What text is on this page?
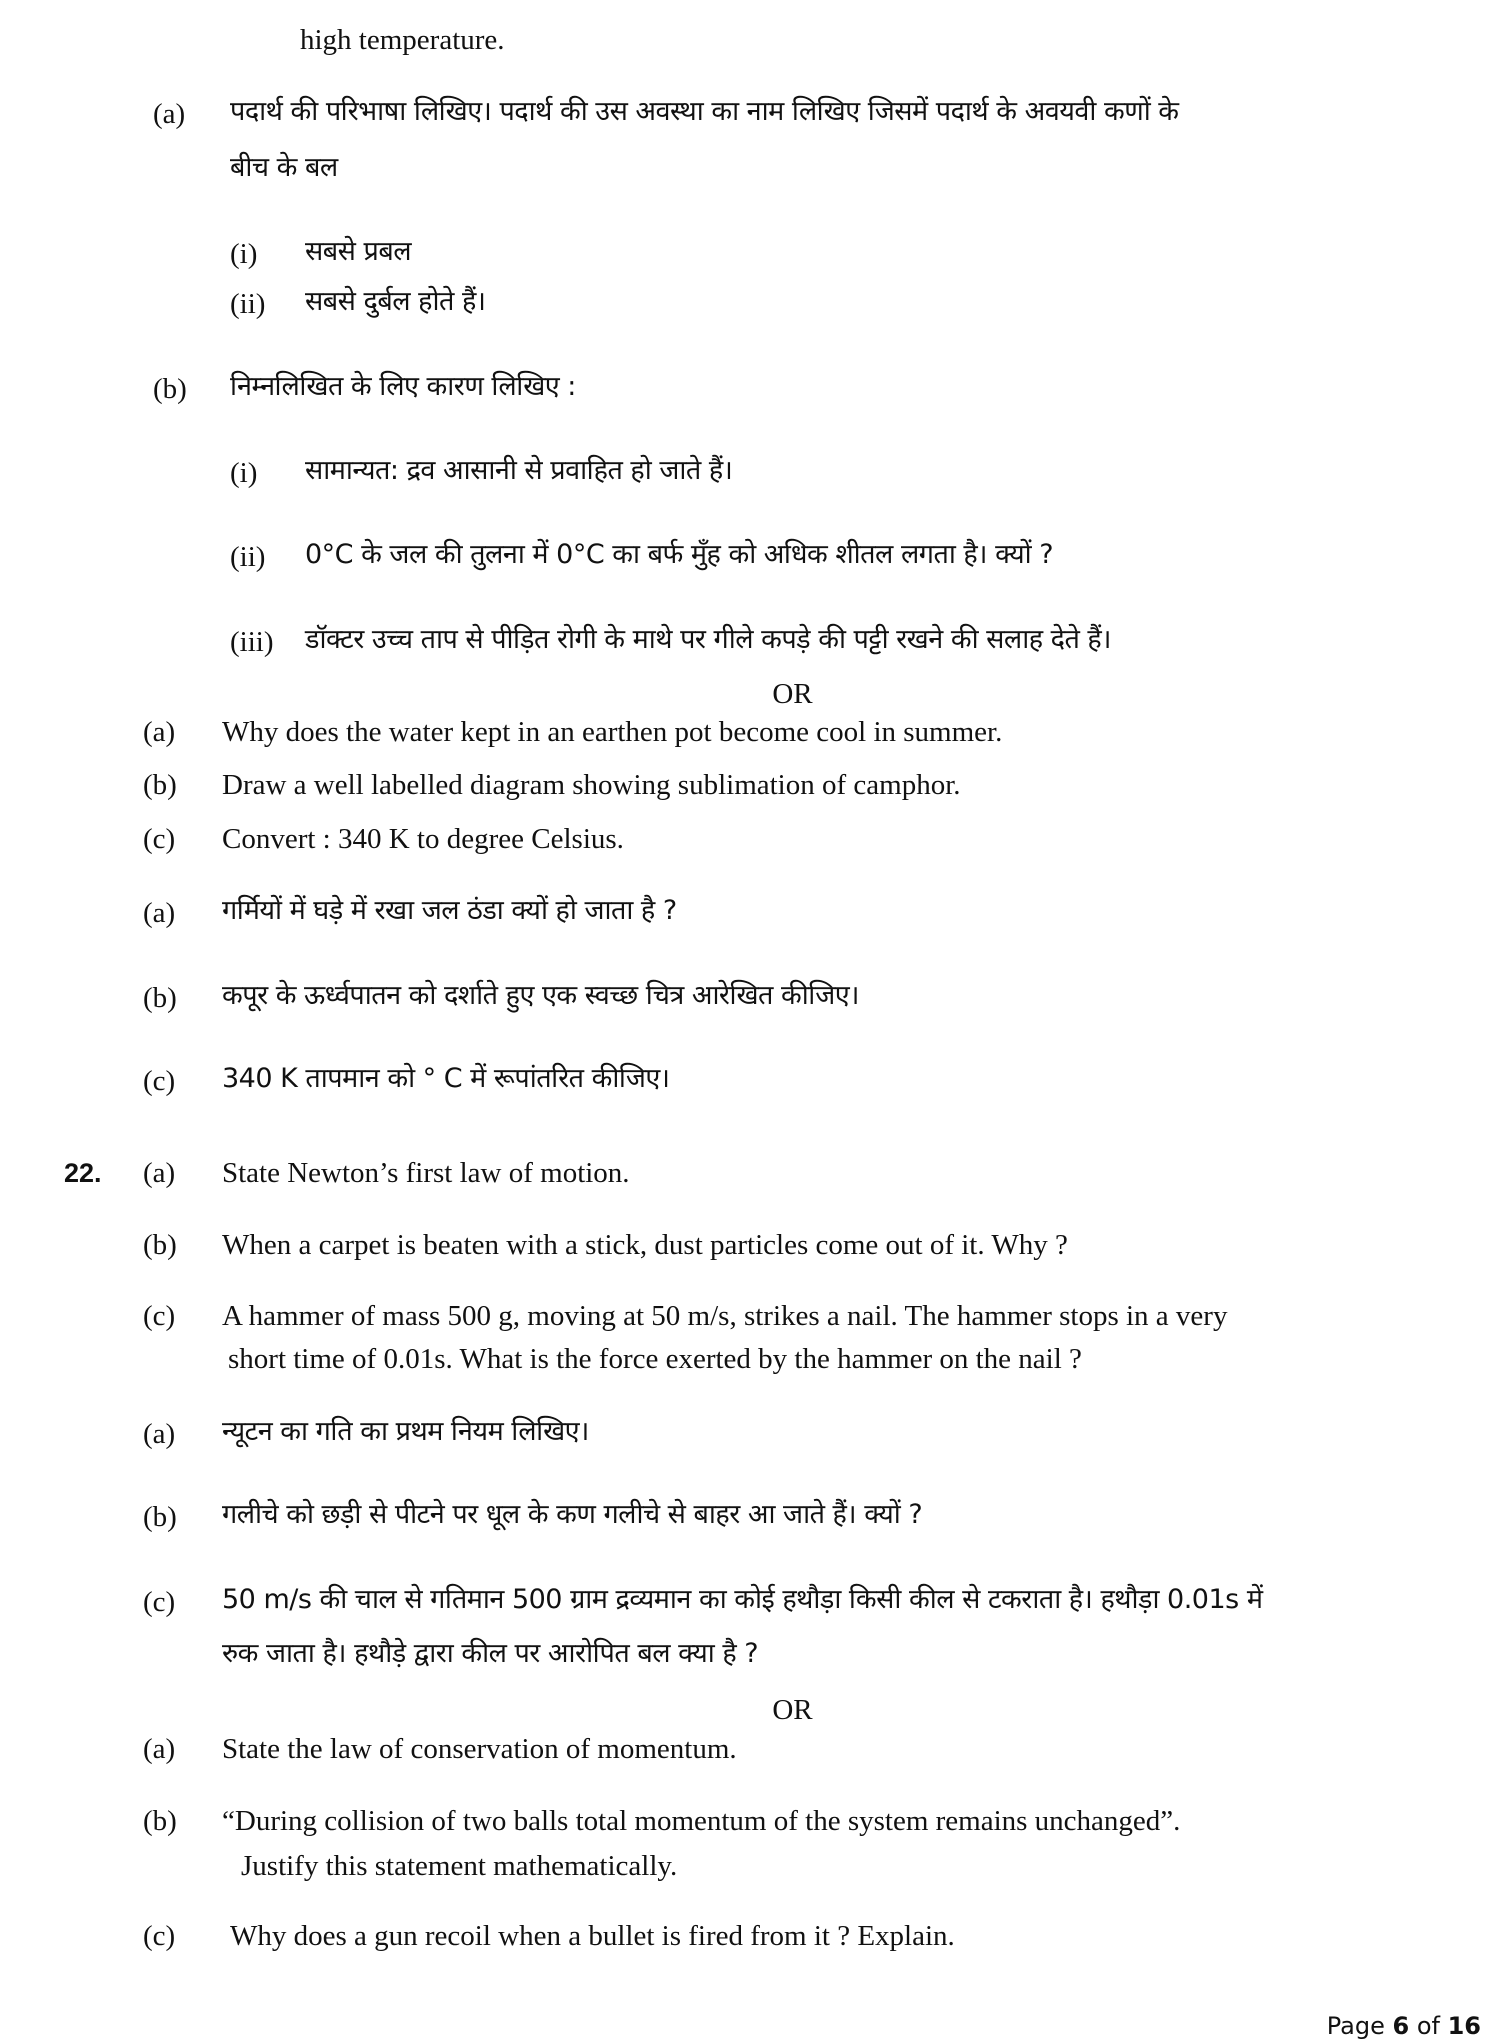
high temperature.
(a) पदार्थ की परिभाषा लिखिए। पदार्थ की उस अवस्था का नाम लिखिए जिसमें पदार्थ के अवयवी कणों के
बीच के बल
(i) सबसे प्रबल
(ii) सबसे दुर्बल होते हैं।
(b) निम्नलिखित के लिए कारण लिखिए :
(i) सामान्यत: द्रव आसानी से प्रवाहित हो जाते हैं।
(ii) 0°C के जल की तुलना में 0°C का बर्फ मुँह को अधिक शीतल लगता है। क्यों ?
(iii) डॉक्टर उच्च ताप से पीड़ित रोगी के माथे पर गीले कपड़े की पट्टी रखने की सलाह देते हैं।
OR
(a) Why does the water kept in an earthen pot become cool in summer.
(b) Draw a well labelled diagram showing sublimation of camphor.
(c) Convert : 340 K to degree Celsius.
(a) गर्मियों में घड़े में रखा जल ठंडा क्यों हो जाता है ?
(b) कपूर के ऊर्ध्वपातन को दर्शाते हुए एक स्वच्छ चित्र आरेखित कीजिए।
(c) 340 K तापमान को ° C में रूपांतरित कीजिए।
22. (a) State Newton’s first law of motion.
(b) When a carpet is beaten with a stick, dust particles come out of it. Why ?
(c) A hammer of mass 500 g, moving at 50 m/s, strikes a nail. The hammer stops in a very
short time of 0.01s. What is the force exerted by the hammer on the nail ?
(a) न्यूटन का गति का प्रथम नियम लिखिए।
(b) गलीचे को छड़ी से पीटने पर धूल के कण गलीचे से बाहर आ जाते हैं। क्यों ?
(c) 50 m/s की चाल से गतिमान 500 ग्राम द्रव्यमान का कोई हथौड़ा किसी कील से टकराता है। हथौड़ा 0.01s में
रुक जाता है। हथौड़े द्वारा कील पर आरोपित बल क्या है ?
OR
(a) State the law of conservation of momentum.
(b) “During collision of two balls total momentum of the system remains unchanged”.
Justify this statement mathematically.
(c) Why does a gun recoil when a bullet is fired from it ? Explain.
Page 6 of 16
